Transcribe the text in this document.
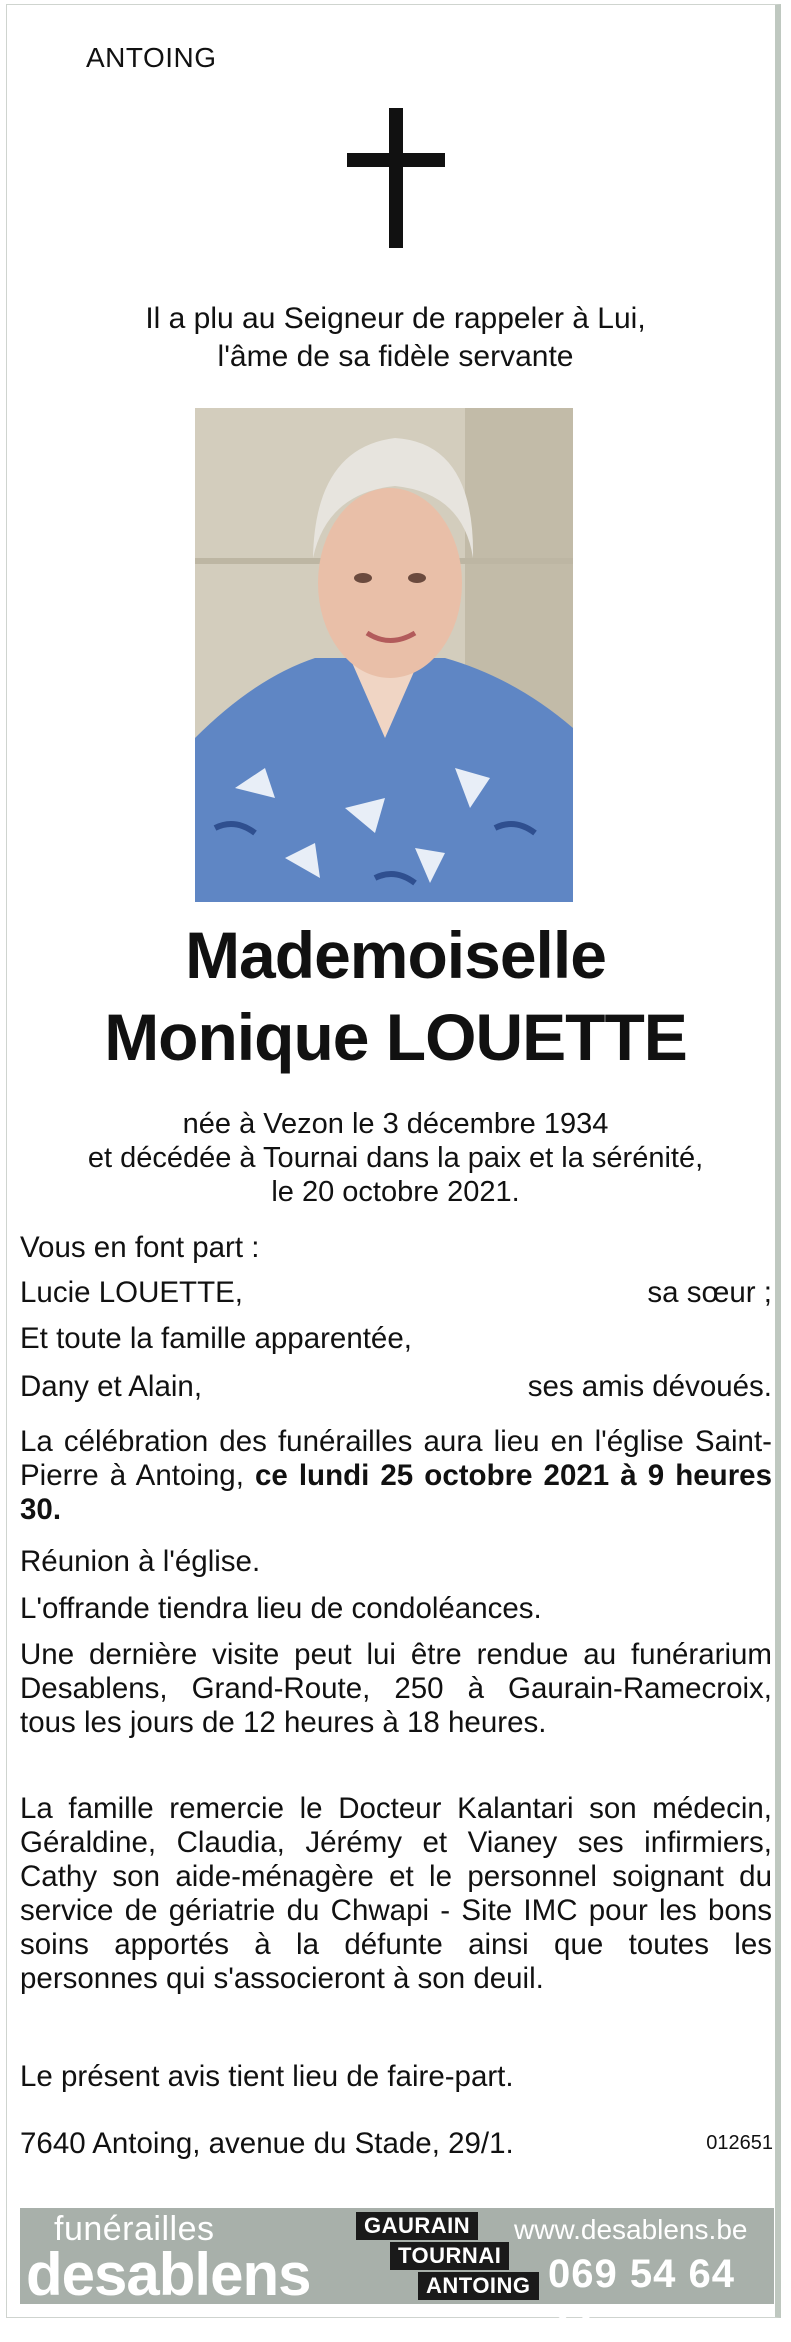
ANTOING
Il a plu au Seigneur de rappeler à Lui,
l'âme de sa fidèle servante
Mademoiselle
Monique LOUETTE
née à Vezon le 3 décembre 1934
et décédée à Tournai dans la paix et la sérénité,
le 20 octobre 2021.
Vous en font part :
Lucie LOUETTE,	sa sœur ;
Et toute la famille apparentée,
Dany et Alain,	ses amis dévoués.
La célébration des funérailles aura lieu en l'église Saint-Pierre à Antoing, ce lundi 25 octobre 2021 à 9 heures 30.
Réunion à l'église.
L'offrande tiendra lieu de condoléances.
Une dernière visite peut lui être rendue au funérarium Desablens, Grand-Route, 250 à Gaurain-Ramecroix, tous les jours de 12 heures à 18 heures.
La famille remercie le Docteur Kalantari son médecin, Géraldine, Claudia, Jérémy et Vianey ses infirmiers, Cathy son aide-ménagère et le personnel soignant du service de gériatrie du Chwapi - Site IMC pour les bons soins apportés à la défunte ainsi que toutes les personnes qui s'associeront à son deuil.
Le présent avis tient lieu de faire-part.
7640 Antoing, avenue du Stade, 29/1.	012651
funérailles
desablens
GAURAIN
TOURNAI
ANTOING
www.desablens.be
069 54 64 22
